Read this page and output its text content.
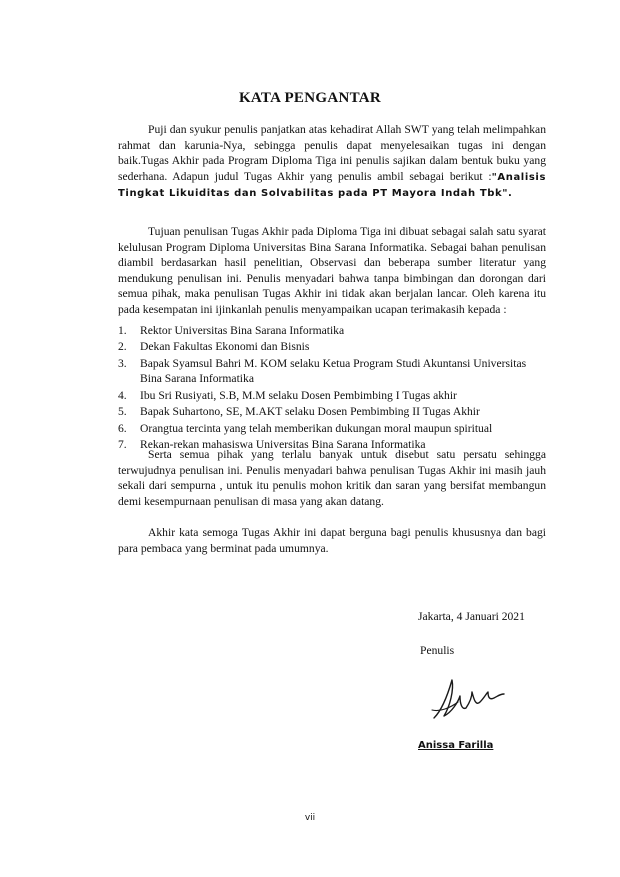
KATA PENGANTAR

Puji dan syukur penulis panjatkan atas kehadirat Allah SWT yang telah melimpahkan rahmat dan karunia-Nya, sebingga penulis dapat menyelesaikan tugas ini dengan baik.Tugas Akhir pada Program Diploma Tiga ini penulis sajikan dalam bentuk buku yang sederhana. Adapun judul Tugas Akhir yang penulis ambil sebagai berikut :"Analisis Tingkat Likuiditas dan Solvabilitas pada PT Mayora Indah Tbk".

Tujuan penulisan Tugas Akhir pada Diploma Tiga ini dibuat sebagai salah satu syarat kelulusan Program Diploma Universitas Bina Sarana Informatika. Sebagai bahan penulisan diambil berdasarkan hasil penelitian, Observasi dan beberapa sumber literatur yang mendukung penulisan ini. Penulis menyadari bahwa tanpa bimbingan dan dorongan dari semua pihak, maka penulisan Tugas Akhir ini tidak akan berjalan lancar. Oleh karena itu pada kesempatan ini ijinkanlah penulis menyampaikan ucapan terimakasih kepada :

1. Rektor Universitas Bina Sarana Informatika
2. Dekan Fakultas Ekonomi dan Bisnis
3. Bapak Syamsul Bahri M. KOM selaku Ketua Program Studi Akuntansi Universitas Bina Sarana Informatika
4. Ibu Sri Rusiyati, S.B, M.M selaku Dosen Pembimbing I Tugas akhir
5. Bapak Suhartono, SE, M.AKT selaku Dosen Pembimbing II Tugas Akhir
6. Orangtua tercinta yang telah memberikan dukungan moral maupun spiritual
7. Rekan-rekan mahasiswa Universitas Bina Sarana Informatika

Serta semua pihak yang terlalu banyak untuk disebut satu persatu sehingga terwujudnya penulisan ini. Penulis menyadari bahwa penulisan Tugas Akhir ini masih jauh sekali dari sempurna , untuk itu penulis mohon kritik dan saran yang bersifat membangun demi kesempurnaan penulisan di masa yang akan datang.

Akhir kata semoga Tugas Akhir ini dapat berguna bagi penulis khususnya dan bagi para pembaca yang berminat pada umumnya.

Jakarta, 4 Januari 2021
Penulis
Anissa Farilla
vii
